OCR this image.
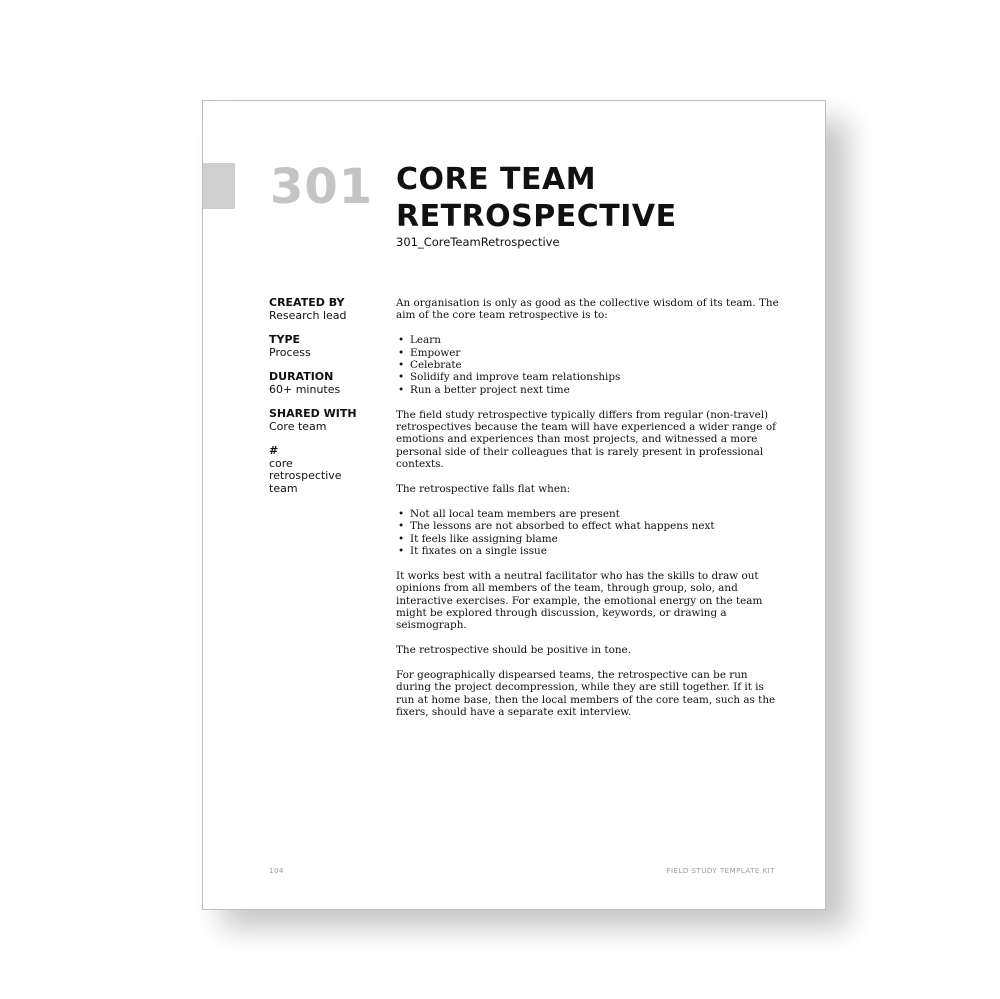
301 CORE TEAM
RETROSPECTIVE
301_CoreTeamRetrospective
CREATED BY
Research lead
TYPE
Process
DURATION
60+ minutes
SHARED WITH
Core team
#
core
retrospective
team

An organisation is only as good as the collective wisdom of its team. The aim of the core team retrospective is to:

• Learn
• Empower
• Celebrate
• Solidify and improve team relationships
• Run a better project next time

The field study retrospective typically differs from regular (non-travel) retrospectives because the team will have experienced a wider range of emotions and experiences than most projects, and witnessed a more personal side of their colleagues that is rarely present in professional contexts.

The retrospective falls flat when:

• Not all local team members are present
• The lessons are not absorbed to effect what happens next
• It feels like assigning blame
• It fixates on a single issue

It works best with a neutral facilitator who has the skills to draw out opinions from all members of the team, through group, solo, and interactive exercises. For example, the emotional energy on the team might be explored through discussion, keywords, or drawing a seismograph.

The retrospective should be positive in tone.

For geographically dispearsed teams, the retrospective can be run during the project decompression, while they are still together. If it is run at home base, then the local members of the core team, such as the fixers, should have a separate exit interview.

104	FIELD STUDY TEMPLATE KIT
